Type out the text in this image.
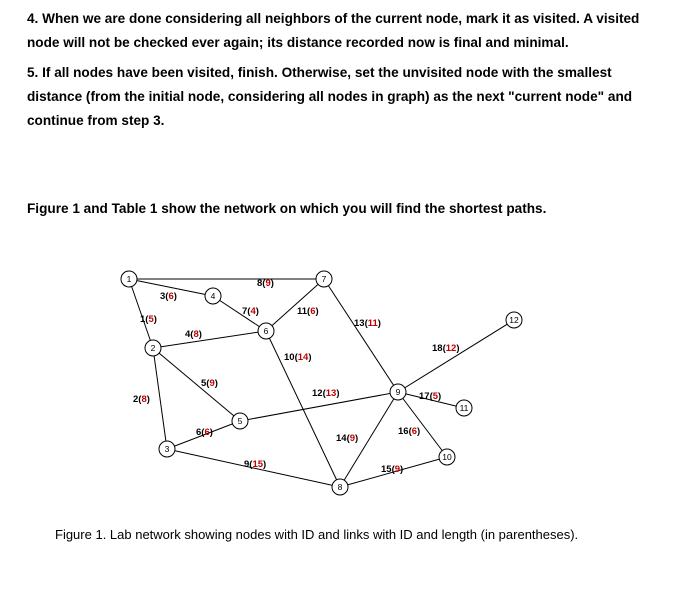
4. When we are done considering all neighbors of the current node, mark it as visited. A visited node will not be checked ever again; its distance recorded now is final and minimal.

5. If all nodes have been visited, finish. Otherwise, set the unvisited node with the smallest distance (from the initial node, considering all nodes in graph) as the next "current node" and continue from step 3.

Figure 1 and Table 1 show the network on which you will find the shortest paths.

1(5)
2(8)
3(6)
4(8)
5(9)
6(6)
7(4)
8(9)
9(15)
10(14)
11(6)
12(13)
13(11)
14(9)
15(9)
16(6)
17(5)
18(12)
1
2
3
4
5
6
7
8
9
10
11
12
Figure 1. Lab network showing nodes with ID and links with ID and length (in parentheses).
